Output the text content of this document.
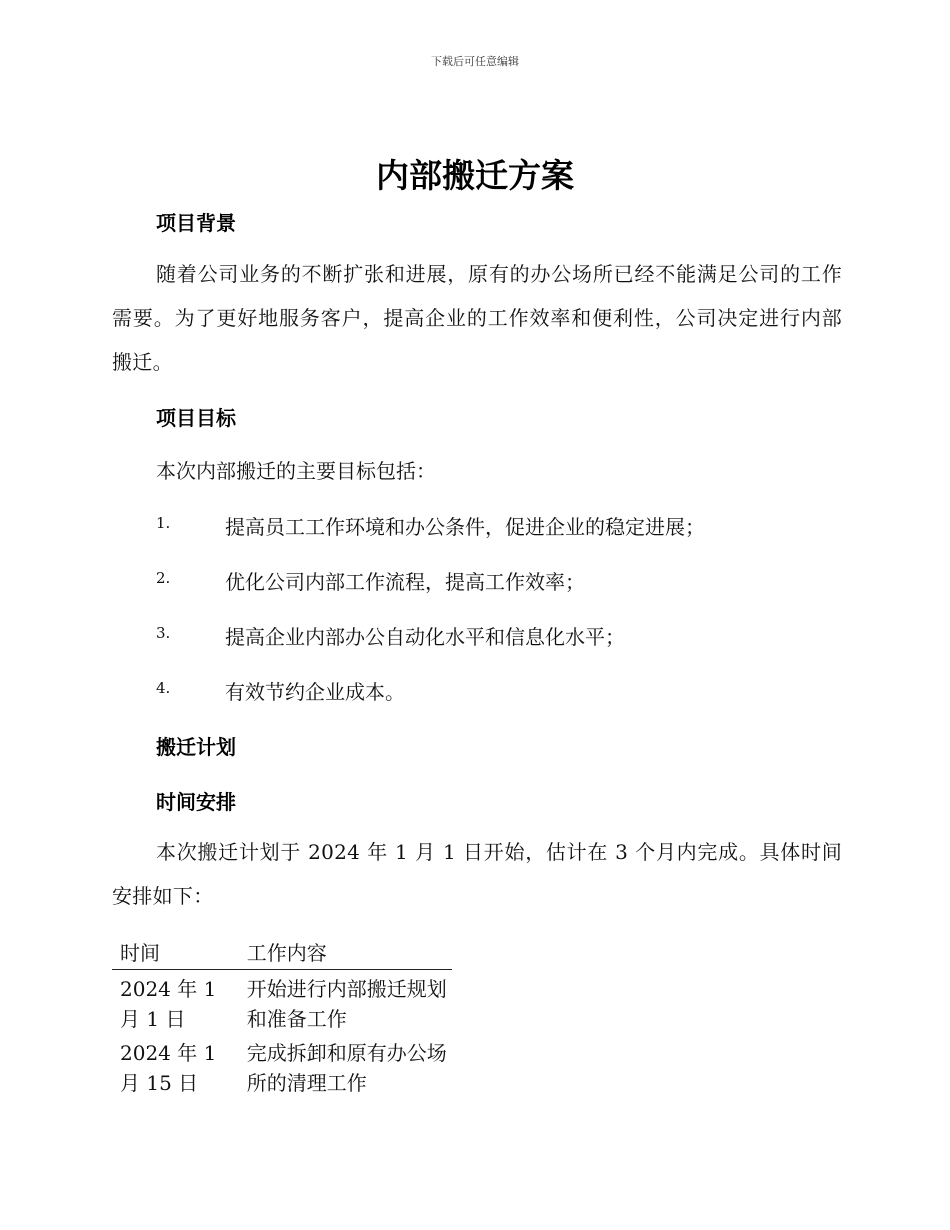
下载后可任意编辑
内部搬迁方案
项目背景
随着公司业务的不断扩张和进展，原有的办公场所已经不能满足公司的工作需要。为了更好地服务客户，提高企业的工作效率和便利性，公司决定进行内部搬迁。
项目目标
本次内部搬迁的主要目标包括：
1.	提高员工工作环境和办公条件，促进企业的稳定进展；
2.	优化公司内部工作流程，提高工作效率；
3.	提高企业内部办公自动化水平和信息化水平；
4.	有效节约企业成本。
搬迁计划
时间安排
本次搬迁计划于 2024 年 1 月 1 日开始，估计在 3 个月内完成。具体时间安排如下：
时间	工作内容
2024 年 1 月 1 日	开始进行内部搬迁规划和准备工作
2024 年 1 月 15 日	完成拆卸和原有办公场所的清理工作
